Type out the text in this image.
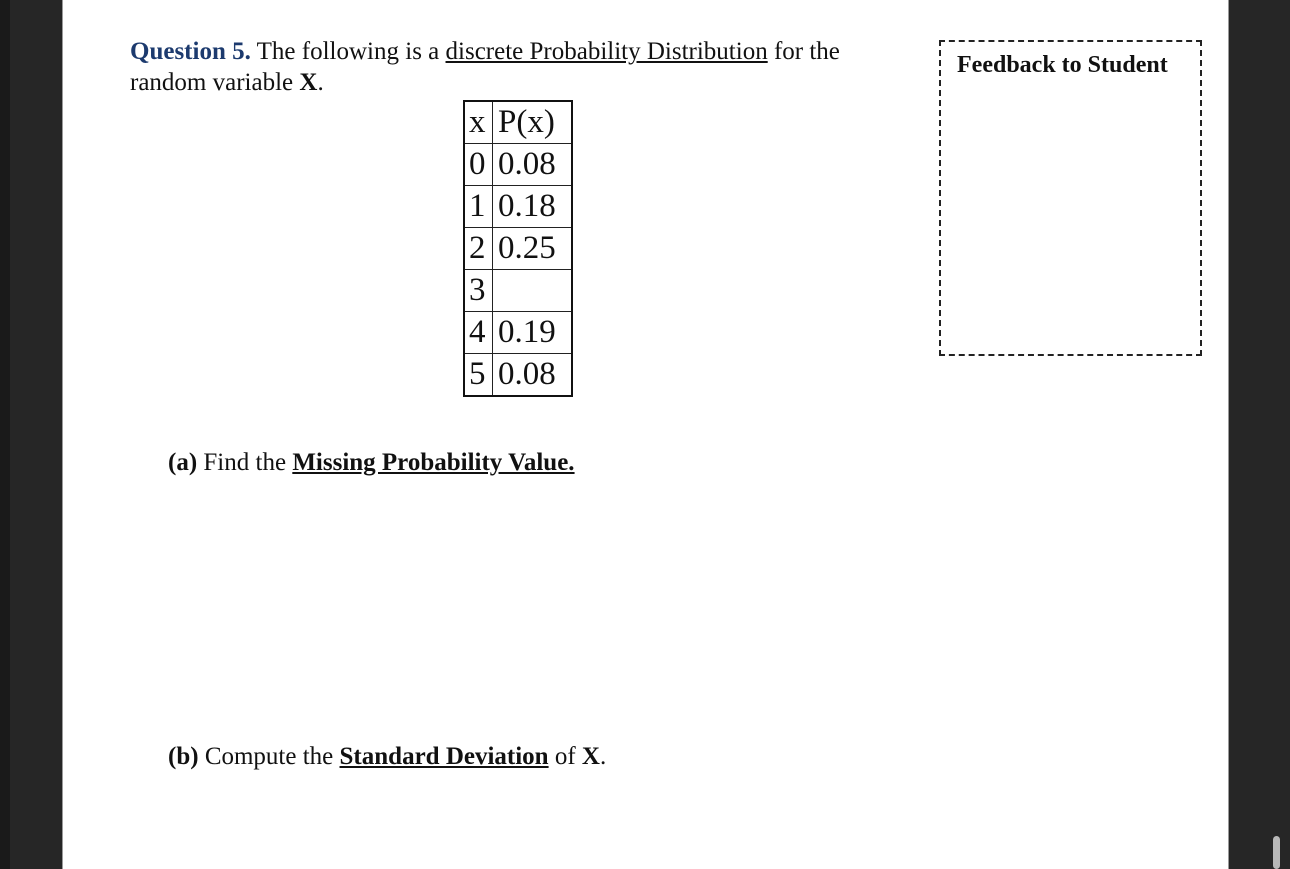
Question 5. The following is a discrete Probability Distribution for the random variable X.
x	P(x)
0	0.08
1	0.18
2	0.25
3	
4	0.19
5	0.08
Feedback to Student
(a) Find the Missing Probability Value.
(b) Compute the Standard Deviation of X.
